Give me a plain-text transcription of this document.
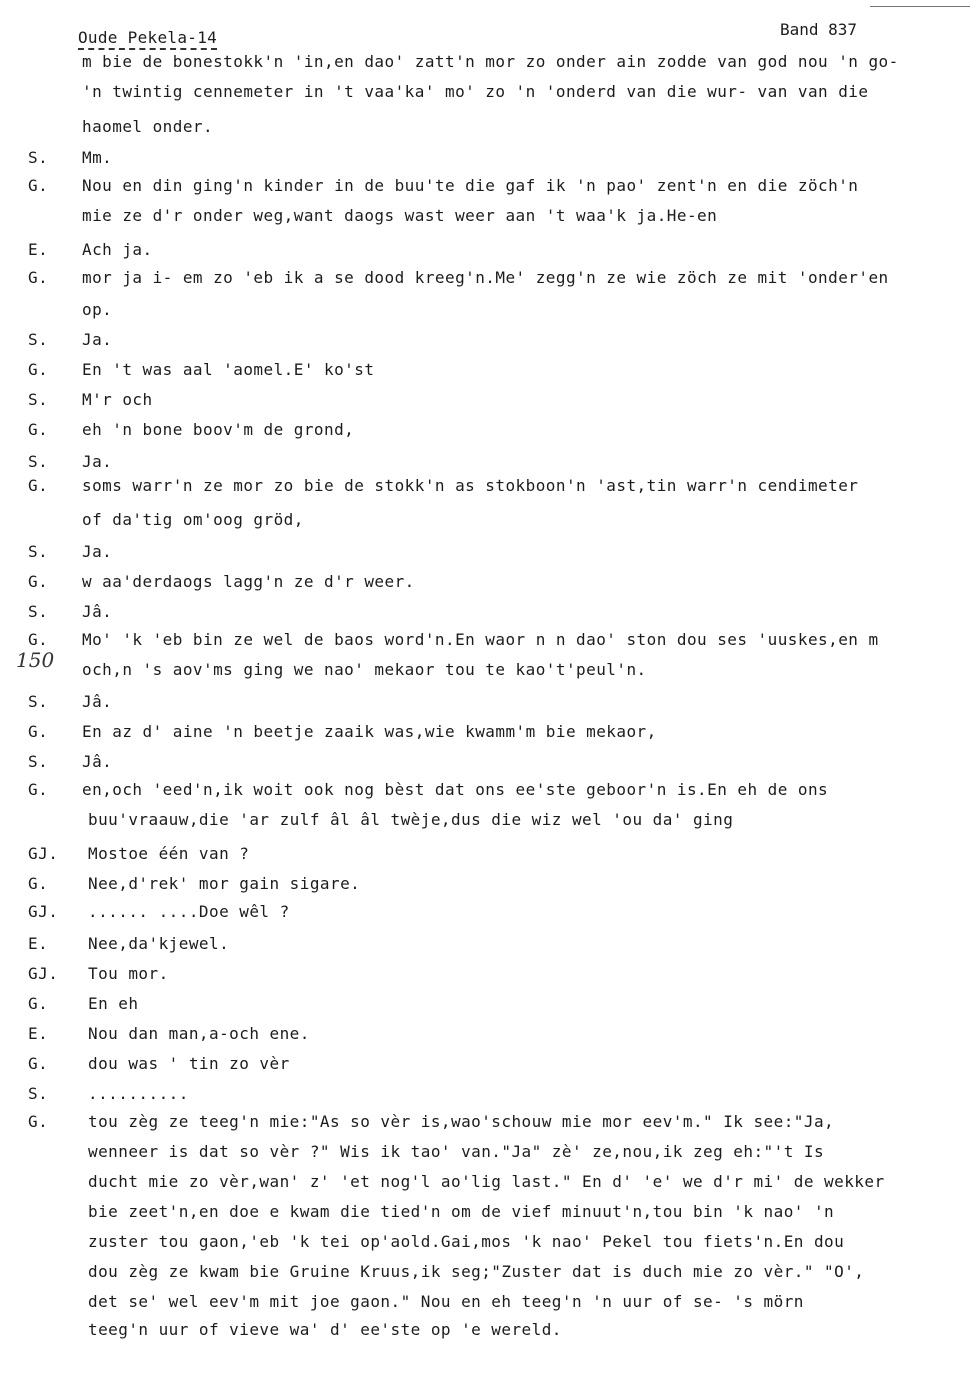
Oude Pekela-14	Band 837
150
m bie de bonestokk'n 'in,en dao' zatt'n mor zo onder ain zodde van god nou 'n go-
'n twintig cennemeter in 't vaa'ka' mo' zo 'n 'onderd van die wur- van van die
haomel onder.
S. Mm.
G. Nou en din ging'n kinder in de buu'te die gaf ik 'n pao' zent'n en die zöch'n
mie ze d'r onder weg,want daogs wast weer aan 't waa'k ja.He-en
E. Ach ja.
G. mor ja i- em zo 'eb ik a se dood kreeg'n.Me' zegg'n ze wie zöch ze mit 'onder'en
op.
S. Ja.
G. En 't was aal 'aomel.E' ko'st
S. M'r och
G. eh 'n bone boov'm de grond,
S. Ja.
G. soms warr'n ze mor zo bie de stokk'n as stokboon'n 'ast,tin warr'n cendimeter
of da'tig om'oog gröd,
S. Ja.
G. w aa'derdaogs lagg'n ze d'r weer.
S. Jâ.
G. Mo' 'k 'eb bin ze wel de baos word'n.En waor n n dao' ston dou ses 'uuskes,en m
och,n 's aov'ms ging we nao' mekaor tou te kao't'peul'n.
S. Jâ.
G. En az d' aine 'n beetje zaaik was,wie kwamm'm bie mekaor,
S. Jâ.
G. en,och 'eed'n,ik woit ook nog bèst dat ons ee'ste geboor'n is.En eh de ons
buu'vraauw,die 'ar zulf âl âl twèje,dus die wiz wel 'ou da' ging
GJ. Mostoe één van ?
G. Nee,d'rek' mor gain sigare.
GJ. ...... ....Doe wêl ?
E. Nee,da'kjewel.
GJ. Tou mor.
G. En eh
E. Nou dan man,a-och ene.
G. dou was ' tin zo vèr
S. ..........
G. tou zèg ze teeg'n mie:"As so vèr is,wao'schouw mie mor eev'm." Ik see:"Ja,
wenneer is dat so vèr ?" Wis ik tao' van."Ja" zè' ze,nou,ik zeg eh:"'t Is
ducht mie zo vèr,wan' z' 'et nog'l ao'lig last." En d' 'e' we d'r mi' de wekker
bie zeet'n,en doe e kwam die tied'n om de vief minuut'n,tou bin 'k nao' 'n
zuster tou gaon,'eb 'k tei op'aold.Gai,mos 'k nao' Pekel tou fiets'n.En dou
dou zèg ze kwam bie Gruine Kruus,ik seg;"Zuster dat is duch mie zo vèr." "O',
det se' wel eev'm mit joe gaon." Nou en eh teeg'n 'n uur of se- 's mörn
teeg'n uur of vieve wa' d' ee'ste op 'e wereld.
